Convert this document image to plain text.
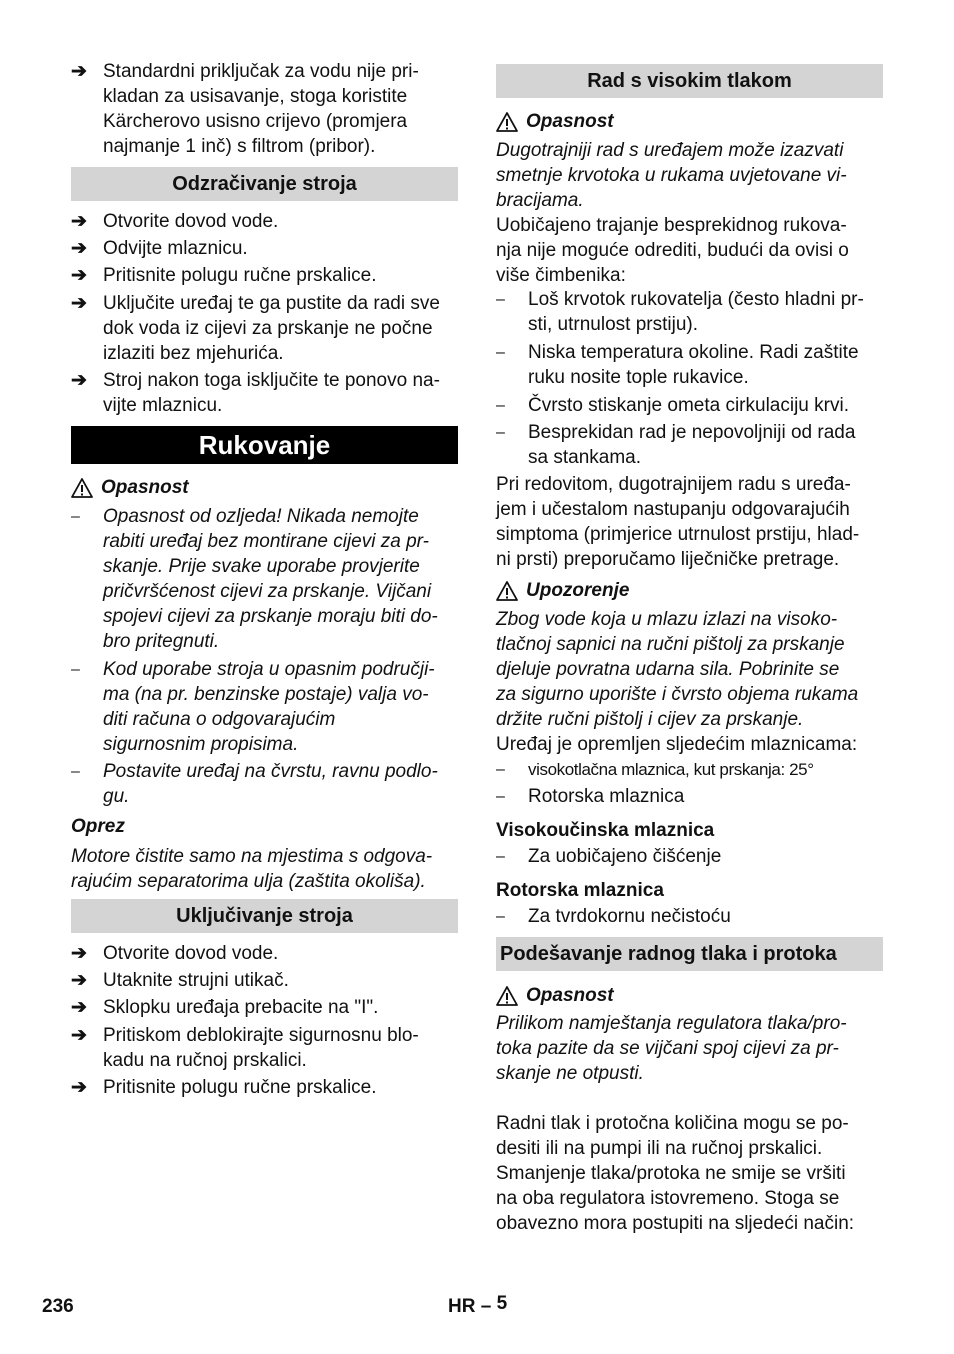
➔ Standardni priključak za vodu nije pri-
kladan za usisavanje, stoga koristite
Kärcherovo usisno crijevo (promjera
najmanje 1 inč) s filtrom (pribor).
Odzračivanje stroja
➔ Otvorite dovod vode.
➔ Odvijte mlaznicu.
➔ Pritisnite polugu ručne prskalice.
➔ Uključite uređaj te ga pustite da radi sve
dok voda iz cijevi za prskanje ne počne
izlaziti bez mjehurića.
➔ Stroj nakon toga isključite te ponovo na-
vijte mlaznicu.
Rukovanje
Opasnost
–	Opasnost od ozljeda! Nikada nemojte
rabiti uređaj bez montirane cijevi za pr-
skanje. Prije svake uporabe provjerite
pričvršćenost cijevi za prskanje. Vijčani
spojevi cijevi za prskanje moraju biti do-
bro pritegnuti.
–	Kod uporabe stroja u opasnim područji-
ma (na pr. benzinske postaje) valja vo-
diti računa o odgovarajućim
sigurnosnim propisima.
–	Postavite uređaj na čvrstu, ravnu podlo-
gu.
Oprez
Motore čistite samo na mjestima s odgova-
rajućim separatorima ulja (zaštita okoliša).
Uključivanje stroja
➔ Otvorite dovod vode.
➔ Utaknite strujni utikač.
➔ Sklopku uređaja prebacite na "I".
➔ Pritiskom deblokirajte sigurnosnu blo-
kadu na ručnoj prskalici.
➔ Pritisnite polugu ručne prskalice.
Rad s visokim tlakom
Opasnost
Dugotrajniji rad s uređajem može izazvati
smetnje krvotoka u rukama uvjetovane vi-
bracijama.
Uobičajeno trajanje besprekidnog rukova-
nja nije moguće odrediti, budući da ovisi o
više čimbenika:
–	Loš krvotok rukovatelja (često hladni pr-
sti, utrnulost prstiju).
–	Niska temperatura okoline. Radi zaštite
ruku nosite tople rukavice.
–	Čvrsto stiskanje ometa cirkulaciju krvi.
–	Besprekidan rad je nepovoljniji od rada
sa stankama.
Pri redovitom, dugotrajnijem radu s uređa-
jem i učestalom nastupanju odgovarajućih
simptoma (primjerice utrnulost prstiju, hlad-
ni prsti) preporučamo liječničke pretrage.
Upozorenje
Zbog vode koja u mlazu izlazi na visoko-
tlačnoj sapnici na ručni pištolj za prskanje
djeluje povratna udarna sila. Pobrinite se
za sigurno uporište i čvrsto objema rukama
držite ručni pištolj i cijev za prskanje.
Uređaj je opremljen sljedećim mlaznicama:
–	visokotlačna mlaznica, kut prskanja: 25°
–	Rotorska mlaznica
Visokoučinska mlaznica
–	Za uobičajeno čišćenje
Rotorska mlaznica
–	Za tvrdokornu nečistoću
Podešavanje radnog tlaka i protoka
Opasnost
Prilikom namještanja regulatora tlaka/pro-
toka pazite da se vijčani spoj cijevi za pr-
skanje ne otpusti.
Radni tlak i protočna količina mogu se po-
desiti ili na pumpi ili na ručnoj prskalici.
Smanjenje tlaka/protoka ne smije se vršiti
na oba regulatora istovremeno. Stoga se
obavezno mora postupiti na sljedeći način:
236	HR – 5
